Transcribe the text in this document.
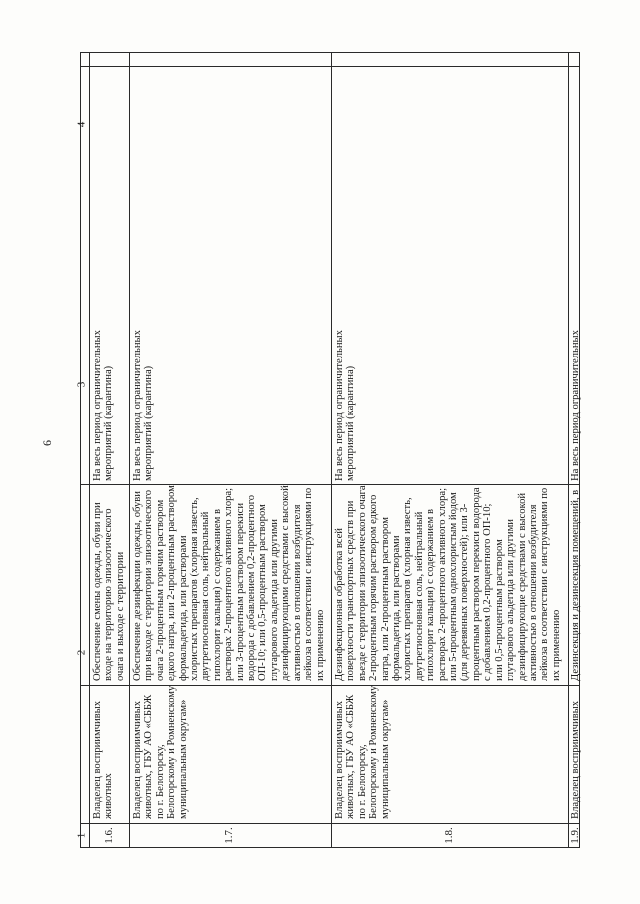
6
1
2
3
4
1.6.
Обеспечение смены одежды, обуви при входе на территорию эпизоотического очага и выходе с территории
На весь период ограничительных мероприятий (карантина)
Владелец восприимчивых животных
1.7.
Обеспечение дезинфекции одежды, обуви при выходе с территории эпизоотического очага 2-процентным горячим раствором едкого натра, или 2-процентным раствором формальдегида, или растворами хлористых препаратов (хлорная известь, двутретиосновная соль, нейтральный гипохлорит кальция) с содержанием в растворах 2-процентного активного хлора; или 3-процентным раствором перекиси водорода с добавлением 0,2-процентного ОП-10; или 0,5-процентным раствором глутарового альдегида или другими дезинфицирующими средствами с высокой активностью в отношении возбудителя лейкоза в соответствии с инструкциями по их применению
На весь период ограничительных мероприятий (карантина)
Владелец восприимчивых животных, ГБУ АО «СББЖ по г. Белогорску, Белогорскому и Ромненскому муниципальным округам»
1.8.
Дезинфекционная обработка всей поверхности транспортных средств при въезде с территории эпизоотического очага 2-процентным горячим раствором едкого натра, или 2-процентным раствором формальдегида, или растворами хлористых препаратов (хлорная известь, двутретиосновная соль, нейтральный гипохлорит кальция) с содержанием в растворах 2-процентного активного хлора; или 5-процентным однохлористым йодом (для деревянных поверхностей); или 3-процентным раствором перекиси водорода с добавлением 0,2-процентного ОП-10; или 0,5-процентным раствором глутарового альдегида или другими дезинфицирующие средствами с высокой активностью в отношении возбудителя лейкоза в соответствии с инструкциями по их применению
На весь период ограничительных мероприятий (карантина)
Владелец восприимчивых животных, ГБУ АО «СББЖ по г. Белогорску, Белогорскому и Ромненскому муниципальным округам»
1.9.
Дезинсекция и дезинсекция помещений, в
На весь период ограничительных
Владелец восприимчивых
